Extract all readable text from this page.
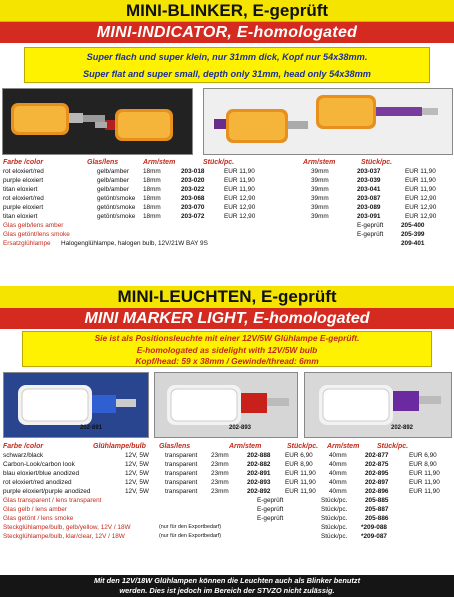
MINI-BLINKER, E-geprüft
MINI-INDICATOR, E-homologated
Super flach und super klein, nur 31mm dick, Kopf nur 54x38mm.
Super flat and super small, depth only 31mm, head only 54x38mm
Farbe /color	Glas/lens	Arm/stem	Stück/pc.	Arm/stem	Stück/pc.
rot eloxiert/red	gelb/amber 18mm	203-018	EUR 11,90	39mm	203-037	EUR 11,90
purple eloxiert	gelb/amber 18mm	203-020	EUR 11,90	39mm	203-039	EUR 11,90
titan eloxiert	gelb/amber 18mm	203-022	EUR 11,90	39mm	203-041	EUR 11,90
rot eloxiert/red	getönt/smoke 18mm	203-068	EUR 12,90	39mm	203-087	EUR 12,90
purple eloxiert	getönt/smoke 18mm	203-070	EUR 12,90	39mm	203-089	EUR 12,90
titan eloxiert	getönt/smoke 18mm	203-072	EUR 12,90	39mm	203-091	EUR 12,90
Glas gelb/lens amber	E-geprüft	205-400
Glas getönt/lens smoke	E-geprüft	205-399
Ersatzglühlampe Halogenglühlampe, halogen bulb, 12V/21W BAY 9S	209-401
MINI-LEUCHTEN, E-geprüft
MINI MARKER LIGHT, E-homologated
Sie ist als Positionsleuchte mit einer 12V/5W Glühlampe E-geprüft.
E-homologated as sidelight with 12V/5W bulb
Kopf/head: 59 x 38mm / Gewinde/thread: 6mm
202-891	202-893	202-892
Farbe /color	Glühlampe/bulb Glas/lens	Arm/stem	Stück/pc. Arm/stem	Stück/pc.
schwarz/black	12V, 5W	transparent 23mm	202-888 EUR 6,90	40mm	202-877	EUR 6,90
Carbon-Look/carbon look	12V, 5W	transparent 23mm	202-882 EUR 8,90	40mm	202-875	EUR 8,90
blau eloxiert/blue anodized	12V, 5W	transparent 23mm	202-891 EUR 11,90 40mm	202-895	EUR 11,90
rot eloxiert/red anodized	12V, 5W	transparent 23mm	202-893 EUR 11,90 40mm	202-897	EUR 11,90
purple eloxiert/purple anodized	12V, 5W	transparent 23mm	202-892 EUR 11,90 40mm	202-896	EUR 11,90
Glas transparent / lens transparent	E-geprüft	Stück/pc.	205-885
Glas gelb / lens amber	E-geprüft	Stück/pc.	205-887
Glas getönt / lens smoke	E-geprüft	Stück/pc.	205-886
Steckglühlampe/bulb, gelb/yellow, 12V / 18W	(nur für den Exportbedarf)	Stück/pc. *209-088
Steckglühlampe/bulb, klar/clear, 12V / 18W	(nur für den Exportbedarf)	Stück/pc. *209-087
Mit den 12V/18W Glühlampen können die Leuchten auch als Blinker benutzt
werden. Dies ist jedoch im Bereich der STVZO nicht zulässig.
